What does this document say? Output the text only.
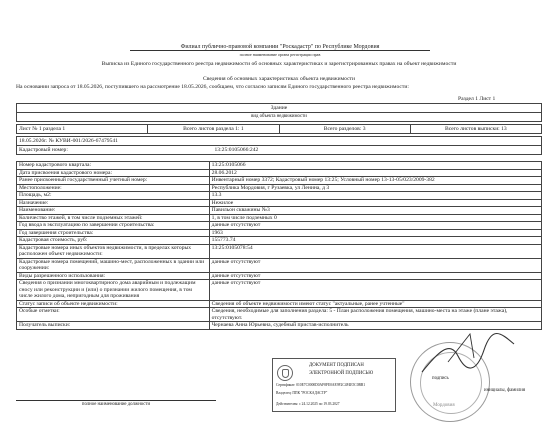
Филиал публично-правовой компании "Роскадастр" по Республике Мордовия
полное наименование органа регистрации прав
Выписка из Единого государственного реестра недвижимости об основных характеристиках и зарегистрированных правах на объект недвижимости
Сведения об основных характеристиках объекта недвижимости
На основании запроса от 18.05.2026, поступившего на рассмотрение 18.05.2026, сообщаем, что согласно записям Единого государственного реестра недвижимости:
Раздел 1 Лист 1
Здание
вид объекта недвижимости
Лист № 1 раздела 1	Всего листов раздела 1: 1	Всего разделов: 3	Всего листов выписки: 13
18.05.2026г. № КУВИ-001/2026-67479541
Кадастровый номер:	13:25:0105066:242
Номер кадастрового квартала:	13:25:0105066
Дата присвоения кадастрового номера:	28.06.2012
Ранее присвоенный государственный учетный номер:	Инвентарный номер 3372; Кадастровый номер 13:25; Условный номер 13-13-05/023/2009-382
Местоположение:	Республика Мордовия, г Рузаевка, ул Ленина, д 3
Площадь, м2:	13.3
Назначение:	Нежилое
Наименование:	Павильон скважины №3
Количество этажей, в том числе подземных этажей:	1, в том числе подземных 0
Год ввода в эксплуатацию по завершении строительства:	данные отсутствуют
Год завершения строительства:	1963
Кадастровая стоимость, руб:	155773.74
Кадастровые номера иных объектов недвижимости, в пределах которых расположен объект недвижимости:	13:25:0105078:54
Кадастровые номера помещений, машино-мест, расположенных в здании или сооружении:	данные отсутствуют
Виды разрешенного использования:	данные отсутствуют
Сведения о признании многоквартирного дома аварийным и подлежащим сносу или реконструкции и (или) о признании жилого помещения, в том числе жилого дома, непригодным для проживания	данные отсутствуют
Статус записи об объекте недвижимости:	Сведения об объекте недвижимости имеют статус "актуальные, ранее учтенные"
Особые отметки:	Сведения, необходимые для заполнения раздела: 5 - План расположения помещения, машино-места на этаже (плане этажа), отсутствуют.
Получатель выписки:	Чернаева Анна Юрьевна, судебный пристав-исполнитель
полное наименование должности
ДОКУМЕНТ ПОДПИСАН
ЭЛЕКТРОННОЙ ПОДПИСЬЮ
Сертификат: 010E7C0000D0AF8FE0AE9F2C4F4E5C0BB1
Владелец: ППК "РОСКАДАСТР"
Действителен: с 24.12.2025 по 19.03.2027	Мордовия
подпись
инициалы, фамилия
